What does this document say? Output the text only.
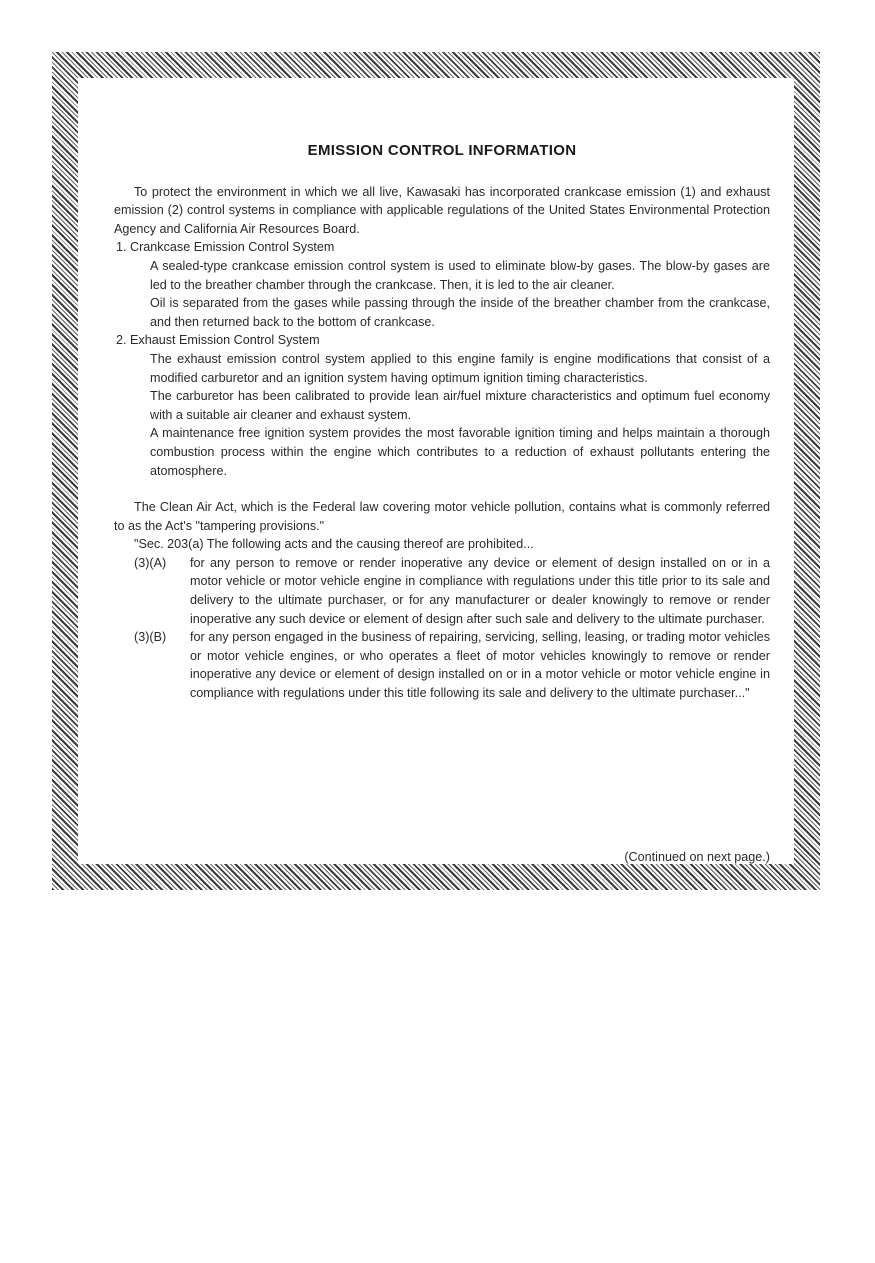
EMISSION CONTROL INFORMATION

To protect the environment in which we all live, Kawasaki has incorporated crankcase emission (1) and exhaust emission (2) control systems in compliance with applicable regulations of the United States Environmental Protection Agency and California Air Resources Board.

1. Crankcase Emission Control System

A sealed-type crankcase emission control system is used to eliminate blow-by gases. The blow-by gases are led to the breather chamber through the crankcase. Then, it is led to the air cleaner.

Oil is separated from the gases while passing through the inside of the breather chamber from the crankcase, and then returned back to the bottom of crankcase.

2. Exhaust Emission Control System

The exhaust emission control system applied to this engine family is engine modifications that consist of a modified carburetor and an ignition system having optimum ignition timing characteristics.

The carburetor has been calibrated to provide lean air/fuel mixture characteristics and optimum fuel economy with a suitable air cleaner and exhaust system.

A maintenance free ignition system provides the most favorable ignition timing and helps maintain a thorough combustion process within the engine which contributes to a reduction of exhaust pollutants entering the atomosphere.

The Clean Air Act, which is the Federal law covering motor vehicle pollution, contains what is commonly referred to as the Act's "tampering provisions."

"Sec. 203(a) The following acts and the causing thereof are prohibited...

(3)(A)	for any person to remove or render inoperative any device or element of design installed on or in a motor vehicle or motor vehicle engine in compliance with regulations under this title prior to its sale and delivery to the ultimate purchaser, or for any manufacturer or dealer knowingly to remove or render inoperative any such device or element of design after such sale and delivery to the ultimate purchaser.
(3)(B)	for any person engaged in the business of repairing, servicing, selling, leasing, or trading motor vehicles or motor vehicle engines, or who operates a fleet of motor vehicles knowingly to remove or render inoperative any device or element of design installed on or in a motor vehicle or motor vehicle engine in compliance with regulations under this title following its sale and delivery to the ultimate purchaser..."
(Continued on next page.)
